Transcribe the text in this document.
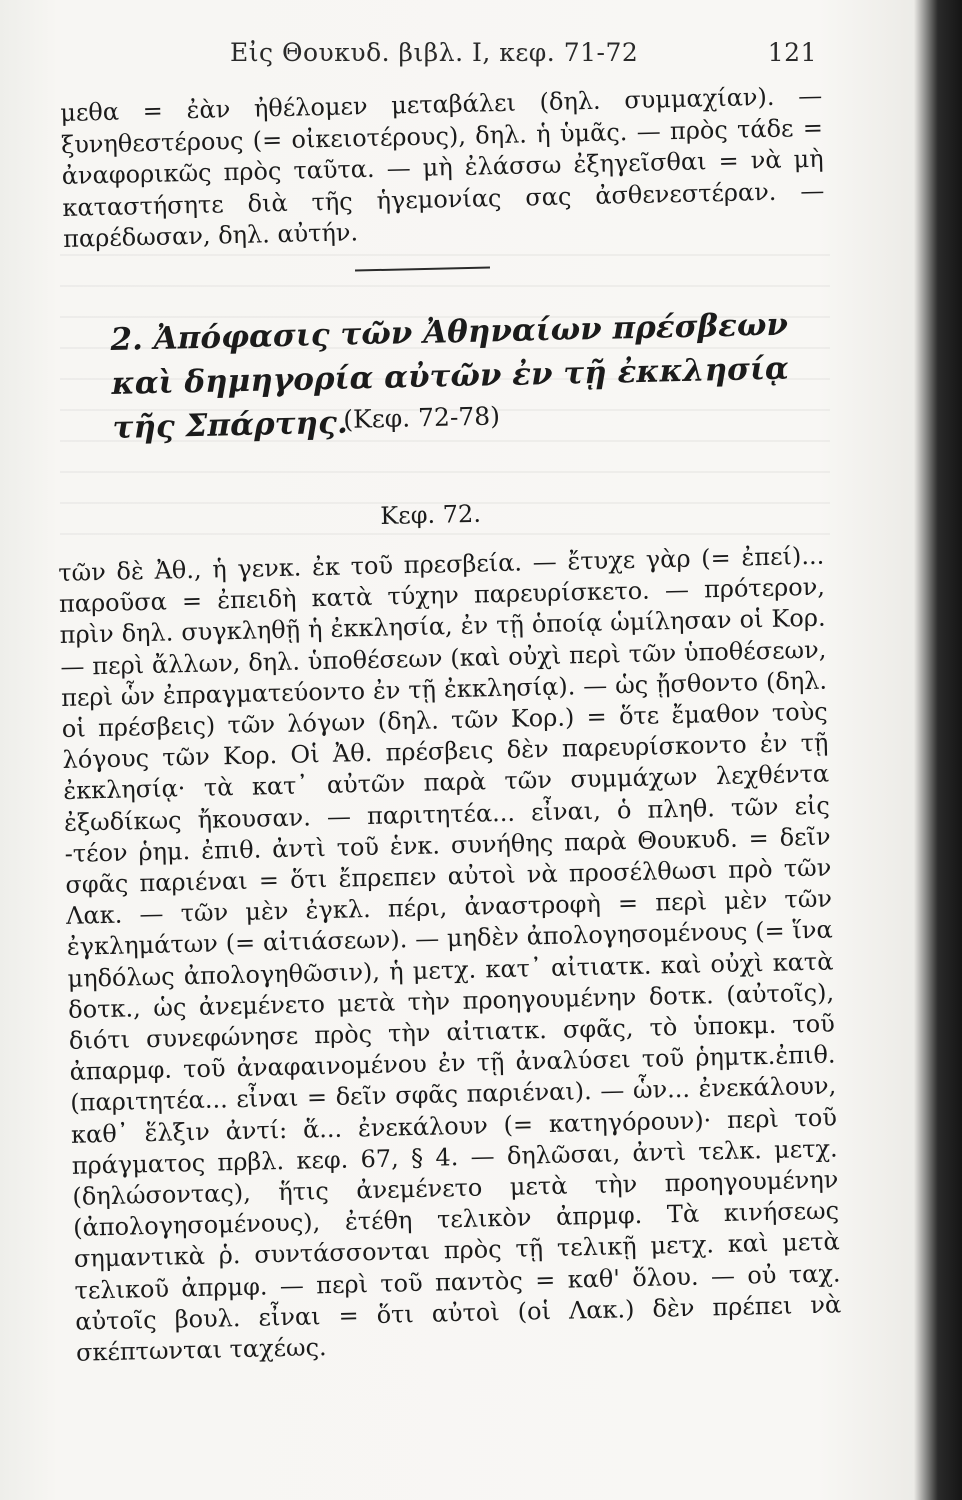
Εἰς Θουκυδ. βιβλ. Ι, κεφ. 71-72	121

μεθα = ἐὰν ἠθέλομεν μεταβάλει (δηλ. συμμαχίαν). — ξυνηθεστέρους (= οἰκειοτέρους), δηλ. ἡ ὑμᾶς. — πρὸς τάδε = ἀναφορικῶς πρὸς ταῦτα. — μὴ ἐλάσσω ἐξηγεῖσθαι = νὰ μὴ καταστήσητε διὰ τῆς ἡγεμονίας σας ἀσθενεστέραν. — παρέδωσαν, δηλ. αὐτήν.

2. Ἀπόφασις τῶν Ἀθηναίων πρέσβεων
καὶ δημηγορία αὐτῶν ἐν τῇ ἐκκλησίᾳ τῆς Σπάρτης.
(Κεφ. 72-78)
Κεφ. 72.

τῶν δὲ Ἀθ., ἡ γενκ. ἐκ τοῦ πρεσβεία. — ἔτυχε γὰρ (= ἐπεί)... παροῦσα = ἐπειδὴ κατὰ τύχην παρευρίσκετο. — πρότερον, πρὶν δηλ. συγκληθῇ ἡ ἐκκλησία, ἐν τῇ ὁποίᾳ ὡμίλησαν οἱ Κορ. — περὶ ἄλλων, δηλ. ὑποθέσεων (καὶ οὐχὶ περὶ τῶν ὑποθέσεων, περὶ ὧν ἐπραγματεύοντο ἐν τῇ ἐκκλησίᾳ). — ὡς ᾔσθοντο (δηλ. οἱ πρέσβεις) τῶν λόγων (δηλ. τῶν Κορ.) = ὅτε ἔμαθον τοὺς λόγους τῶν Κορ. Οἱ Ἀθ. πρέσβεις δὲν παρευρίσκοντο ἐν τῇ ἐκκλησίᾳ· τὰ κατ᾽ αὐτῶν παρὰ τῶν συμμάχων λεχθέντα ἐξωδίκως ἤκουσαν. — παριτητέα... εἶναι, ὁ πληθ. τῶν εἰς -τέον ῥημ. ἐπιθ. ἀντὶ τοῦ ἑνκ. συνήθης παρὰ Θουκυδ. = δεῖν σφᾶς παριέναι = ὅτι ἔπρεπεν αὐτοὶ νὰ προσέλθωσι πρὸ τῶν Λακ. — τῶν μὲν ἐγκλ. πέρι, ἀναστροφὴ = περὶ μὲν τῶν ἐγκλημάτων (= αἰτιάσεων). — μηδὲν ἀπολογησομένους (= ἵνα μηδόλως ἀπολογηθῶσιν), ἡ μετχ. κατ᾽ αἰτιατκ. καὶ οὐχὶ κατὰ δοτκ., ὡς ἀνεμένετο μετὰ τὴν προηγουμένην δοτκ. (αὐτοῖς), διότι συνεφώνησε πρὸς τὴν αἰτιατκ. σφᾶς, τὸ ὑποκμ. τοῦ ἀπαρμφ. τοῦ ἀναφαινομένου ἐν τῇ ἀναλύσει τοῦ ῥημτκ.ἐπιθ. (παριτητέα... εἶναι = δεῖν σφᾶς παριέναι). — ὧν... ἐνεκάλουν, καθ᾽ ἕλξιν ἀντί: ἅ... ἐνεκάλουν (= κατηγόρουν)· περὶ τοῦ πράγματος πρβλ. κεφ. 67, § 4. — δηλῶσαι, ἀντὶ τελκ. μετχ. (δηλώσοντας), ἥτις ἀνεμένετο μετὰ τὴν προηγουμένην (ἀπολογησομένους), ἐτέθη τελικὸν ἀπρμφ. Τὰ κινήσεως σημαντικὰ ῥ. συντάσσονται πρὸς τῇ τελικῇ μετχ. καὶ μετὰ τελικοῦ ἀπρμφ. — περὶ τοῦ παντὸς = καθ' ὅλου. — οὐ ταχ. αὐτοῖς βουλ. εἶναι = ὅτι αὐτοὶ (οἱ Λακ.) δὲν πρέπει νὰ σκέπτωνται ταχέως.
